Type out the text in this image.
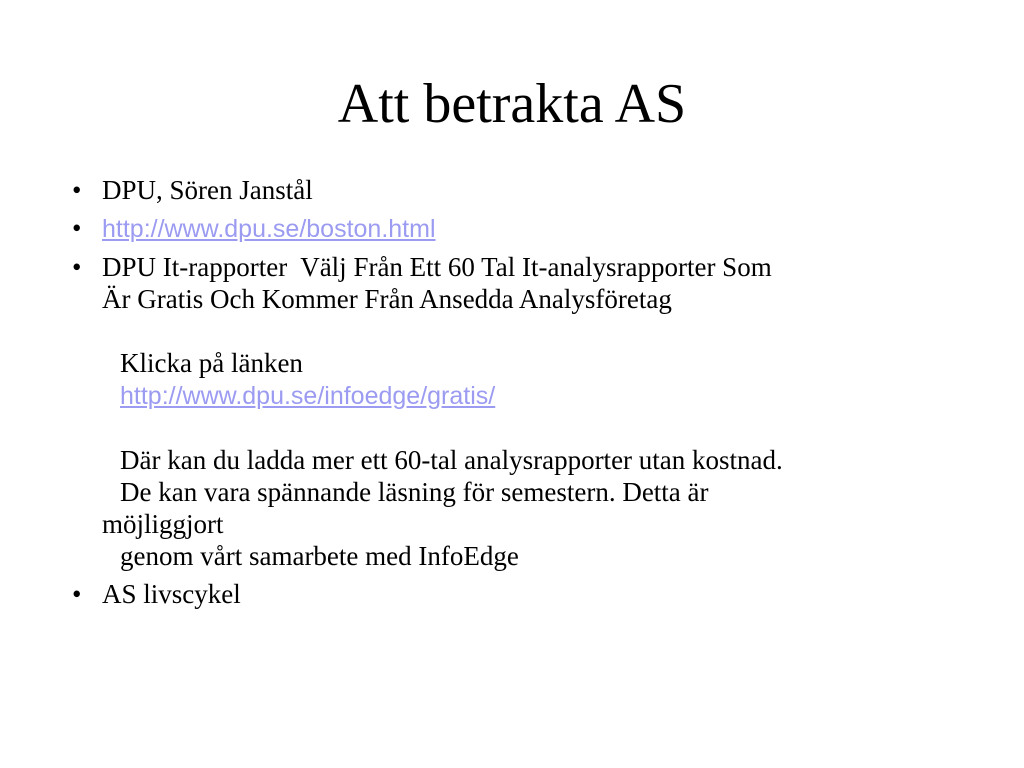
Att betrakta AS
• DPU, Sören Janstål
• http://www.dpu.se/boston.html
• DPU It-rapporter  Välj Från Ett 60 Tal It-analysrapporter Som
Är Gratis Och Kommer Från Ansedda Analysföretag
Klicka på länken
http://www.dpu.se/infoedge/gratis/
Där kan du ladda mer ett 60-tal analysrapporter utan kostnad.
De kan vara spännande läsning för semestern. Detta är
möjliggjort
genom vårt samarbete med InfoEdge
• AS livscykel
